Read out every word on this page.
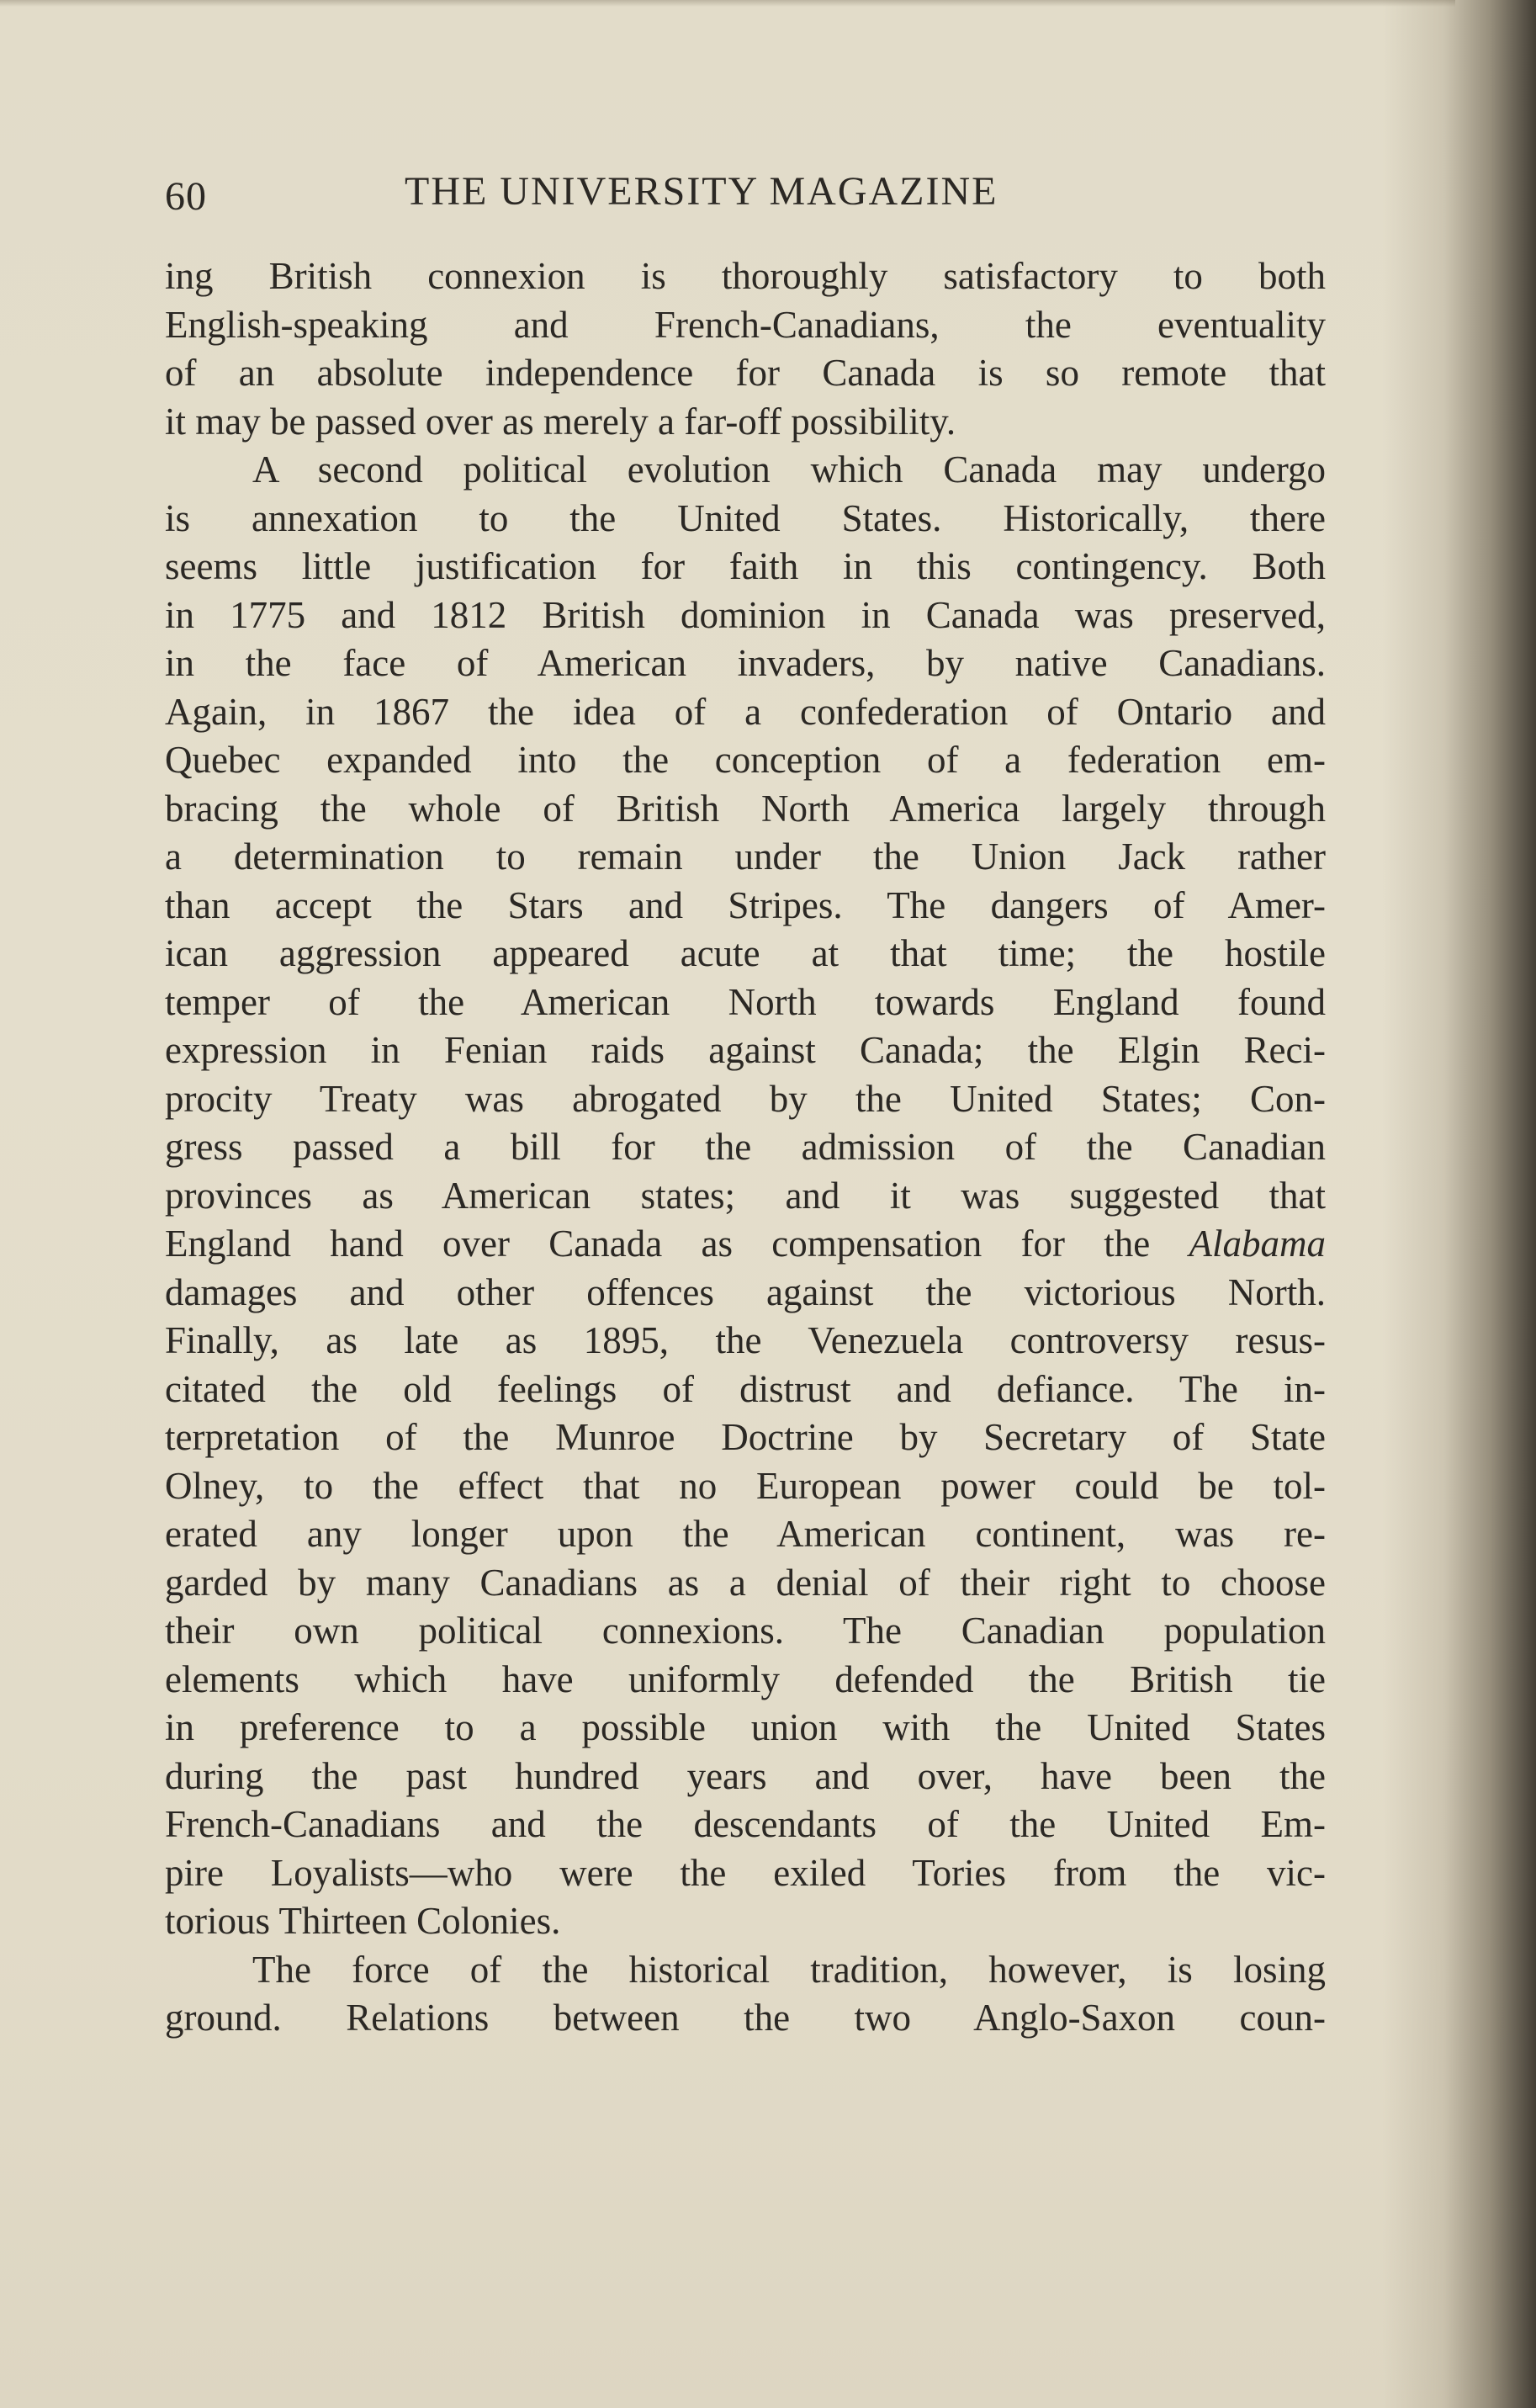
60	THE UNIVERSITY MAGAZINE
ing British connexion is thoroughly satisfactory to both
English-speaking and French-Canadians, the eventuality
of an absolute independence for Canada is so remote that
it may be passed over as merely a far-off possibility.
A second political evolution which Canada may undergo
is annexation to the United States. Historically, there
seems little justification for faith in this contingency. Both
in 1775 and 1812 British dominion in Canada was preserved,
in the face of American invaders, by native Canadians.
Again, in 1867 the idea of a confederation of Ontario and
Quebec expanded into the conception of a federation em-
bracing the whole of British North America largely through
a determination to remain under the Union Jack rather
than accept the Stars and Stripes. The dangers of Amer-
ican aggression appeared acute at that time; the hostile
temper of the American North towards England found
expression in Fenian raids against Canada; the Elgin Reci-
procity Treaty was abrogated by the United States; Con-
gress passed a bill for the admission of the Canadian
provinces as American states; and it was suggested that
England hand over Canada as compensation for the Alabama
damages and other offences against the victorious North.
Finally, as late as 1895, the Venezuela controversy resus-
citated the old feelings of distrust and defiance. The in-
terpretation of the Munroe Doctrine by Secretary of State
Olney, to the effect that no European power could be tol-
erated any longer upon the American continent, was re-
garded by many Canadians as a denial of their right to choose
their own political connexions. The Canadian population
elements which have uniformly defended the British tie
in preference to a possible union with the United States
during the past hundred years and over, have been the
French-Canadians and the descendants of the United Em-
pire Loyalists—who were the exiled Tories from the vic-
torious Thirteen Colonies.
The force of the historical tradition, however, is losing
ground. Relations between the two Anglo-Saxon coun-
